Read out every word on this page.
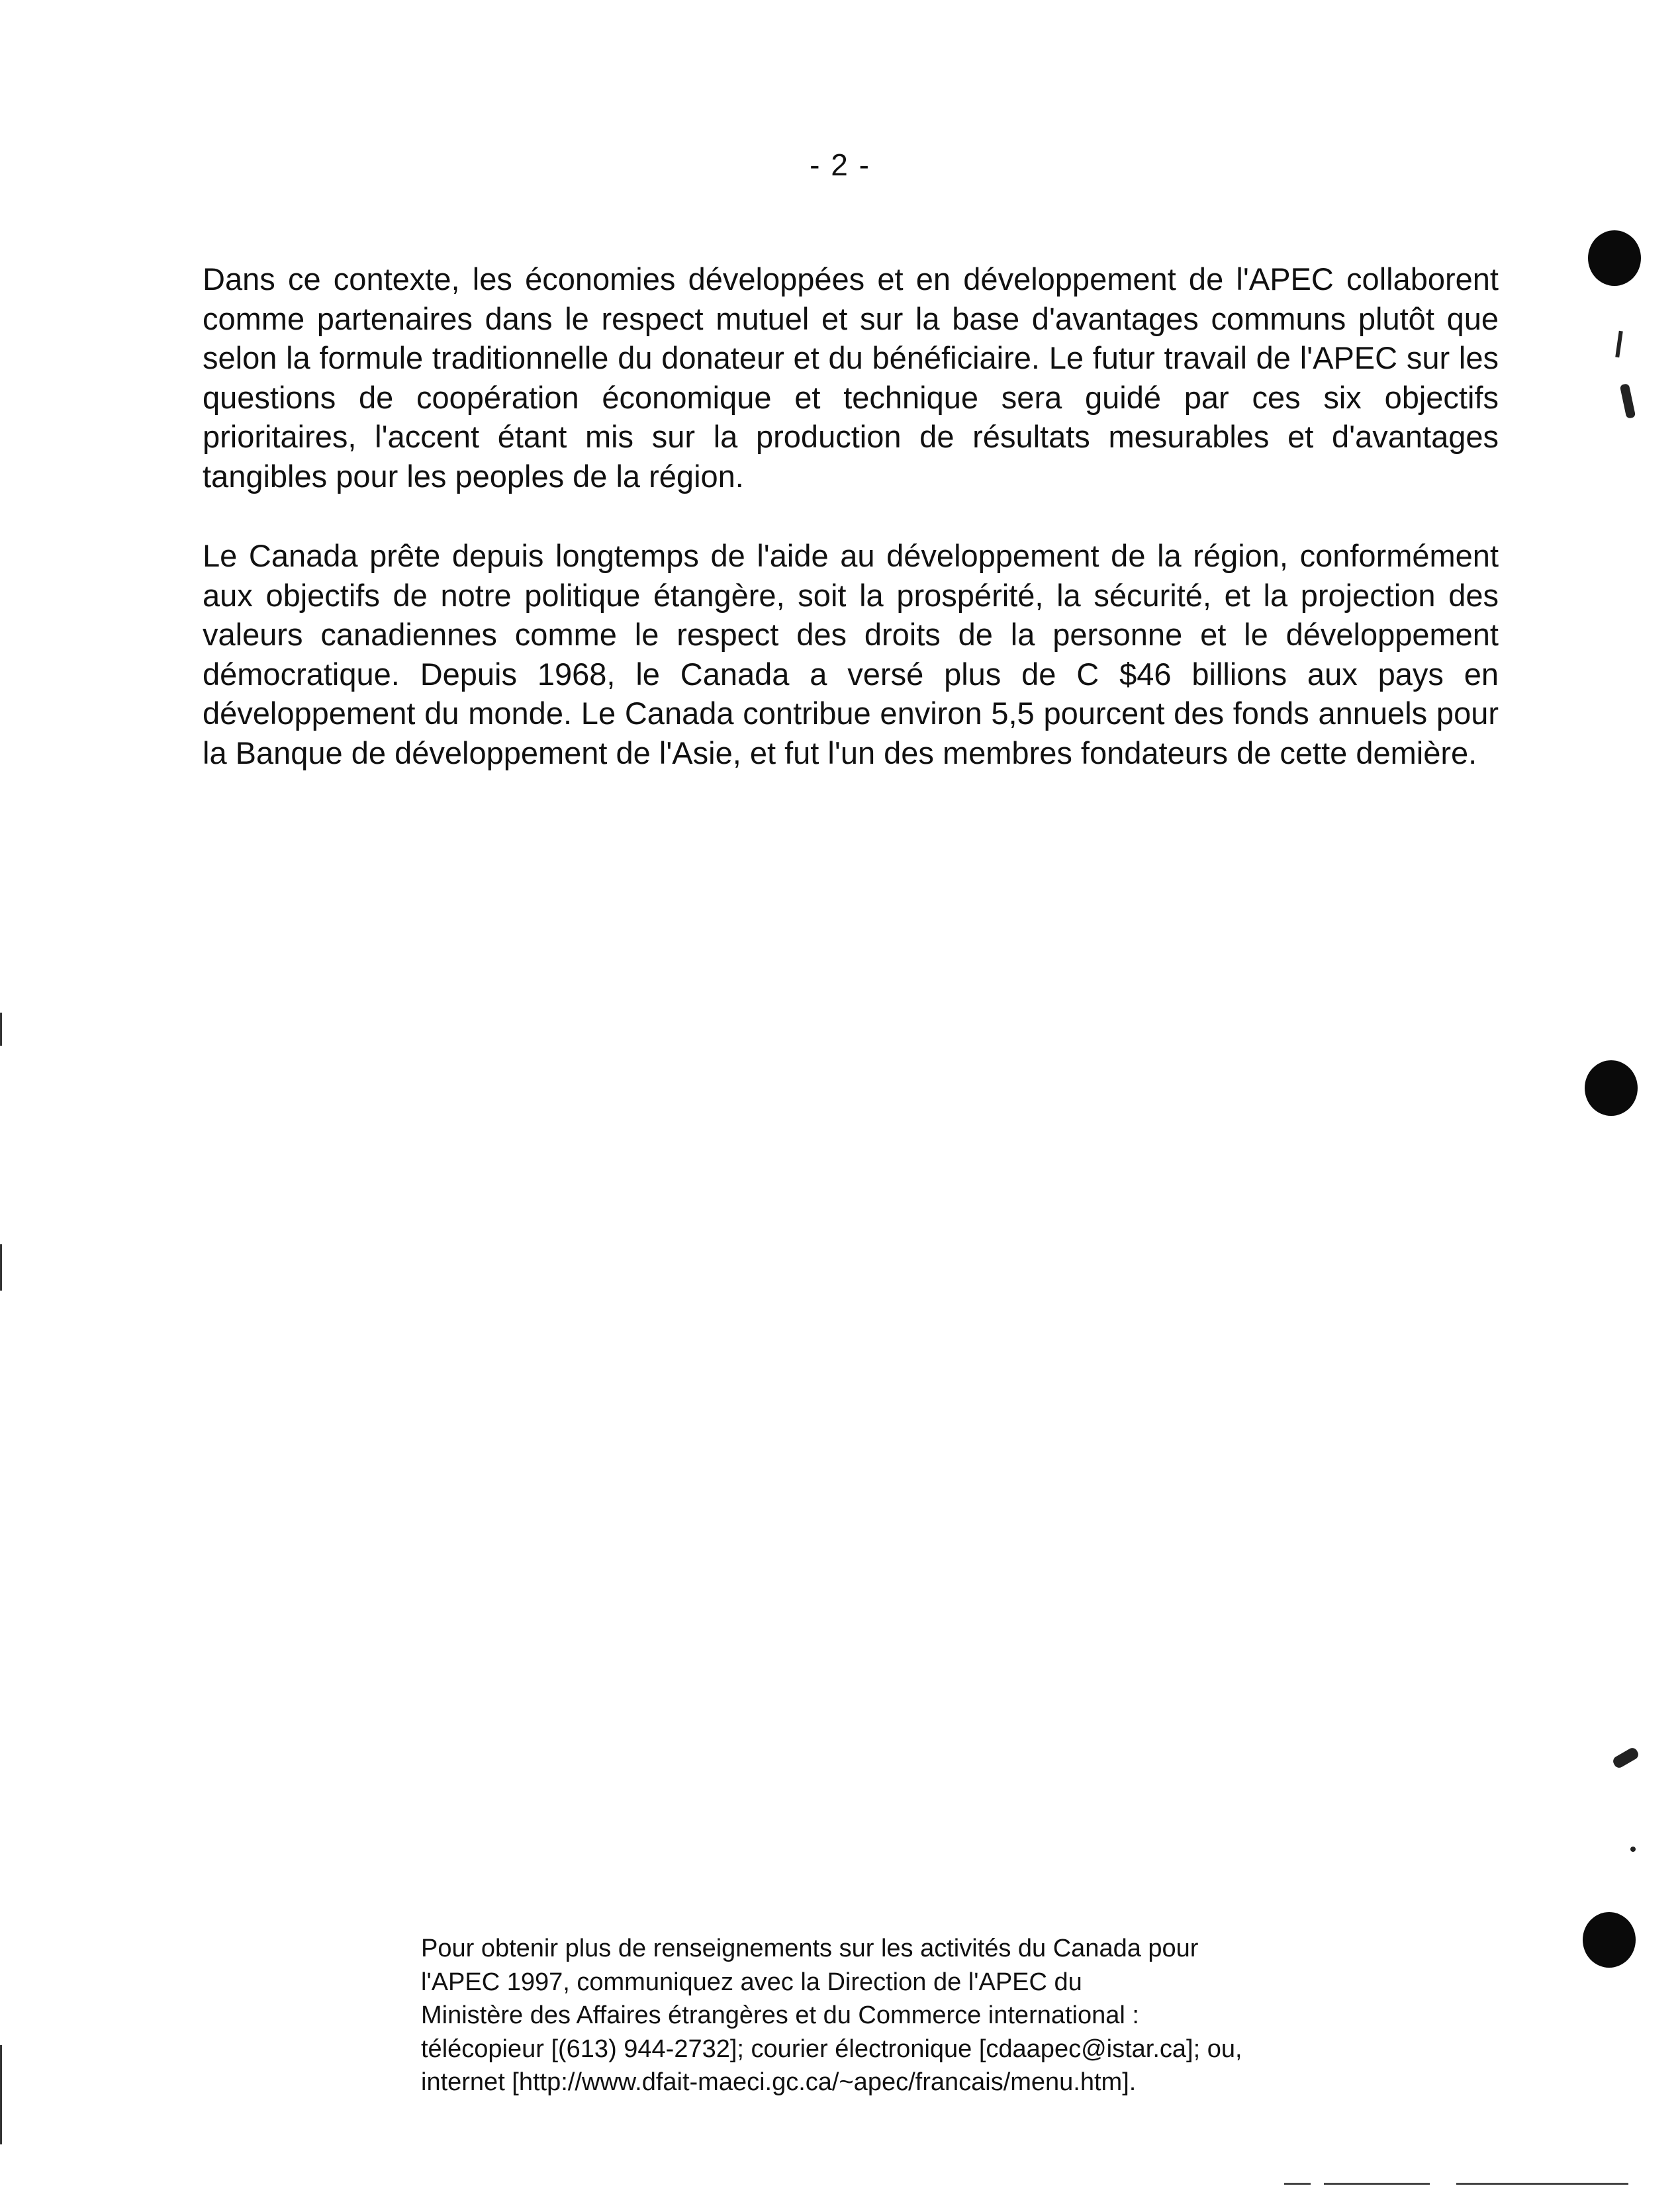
- 2 -

Dans ce contexte, les économies développées et en développement de l'APEC collaborent comme partenaires dans le respect mutuel et sur la base d'avantages communs plutôt que selon la formule traditionnelle du donateur et du bénéficiaire. Le futur travail de l'APEC sur les questions de coopération économique et technique sera guidé par ces six objectifs prioritaires, l'accent étant mis sur la production de résultats mesurables et d'avantages tangibles pour les peoples de la région.

Le Canada prête depuis longtemps de l'aide au développement de la région, conformément aux objectifs de notre politique étangère, soit la prospérité, la sécurité, et la projection des valeurs canadiennes comme le respect des droits de la personne et le développement démocratique. Depuis 1968, le Canada a versé plus de C $46 billions aux pays en développement du monde. Le Canada contribue environ 5,5 pourcent des fonds annuels pour la Banque de développement de l'Asie, et fut l'un des membres fondateurs de cette demière.

Pour obtenir plus de renseignements sur les activités du Canada pour
l'APEC 1997, communiquez avec la Direction de l'APEC du
Ministère des Affaires étrangères et du Commerce international :
télécopieur [(613) 944-2732]; courier électronique [cdaapec@istar.ca]; ou,
internet [http://www.dfait-maeci.gc.ca/~apec/francais/menu.htm].
